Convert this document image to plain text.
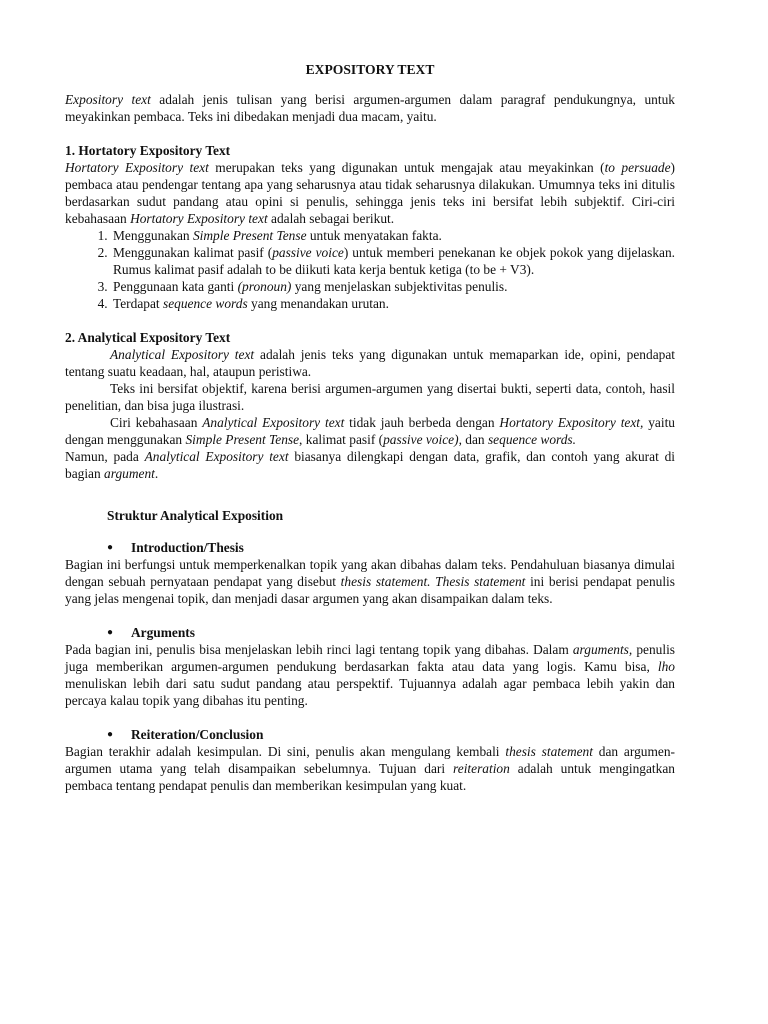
EXPOSITORY TEXT

Expository text adalah jenis tulisan yang berisi argumen-argumen dalam paragraf pendukungnya, untuk meyakinkan pembaca. Teks ini dibedakan menjadi dua macam, yaitu.

1. Hortatory Expository Text

Hortatory Expository text merupakan teks yang digunakan untuk mengajak atau meyakinkan (to persuade) pembaca atau pendengar tentang apa yang seharusnya atau tidak seharusnya dilakukan. Umumnya teks ini ditulis berdasarkan sudut pandang atau opini si penulis, sehingga jenis teks ini bersifat lebih subjektif. Ciri-ciri kebahasaan Hortatory Expository text adalah sebagai berikut.

1. Menggunakan Simple Present Tense untuk menyatakan fakta.
2. Menggunakan kalimat pasif (passive voice) untuk memberi penekanan ke objek pokok yang dijelaskan. Rumus kalimat pasif adalah to be diikuti kata kerja bentuk ketiga (to be + V3).
3. Penggunaan kata ganti (pronoun) yang menjelaskan subjektivitas penulis.
4. Terdapat sequence words yang menandakan urutan.

2. Analytical Expository Text

Analytical Expository text adalah jenis teks yang digunakan untuk memaparkan ide, opini, pendapat tentang suatu keadaan, hal, ataupun peristiwa.

Teks ini bersifat objektif, karena berisi argumen-argumen yang disertai bukti, seperti data, contoh, hasil penelitian, dan bisa juga ilustrasi.

Ciri kebahasaan Analytical Expository text tidak jauh berbeda dengan Hortatory Expository text, yaitu dengan menggunakan Simple Present Tense, kalimat pasif (passive voice), dan sequence words.

Namun, pada Analytical Expository text biasanya dilengkapi dengan data, grafik, dan contoh yang akurat di bagian argument.

Struktur Analytical Exposition

●	Introduction/Thesis

Bagian ini berfungsi untuk memperkenalkan topik yang akan dibahas dalam teks. Pendahuluan biasanya dimulai dengan sebuah pernyataan pendapat yang disebut thesis statement. Thesis statement ini berisi pendapat penulis yang jelas mengenai topik, dan menjadi dasar argumen yang akan disampaikan dalam teks.

●	Arguments

Pada bagian ini, penulis bisa menjelaskan lebih rinci lagi tentang topik yang dibahas. Dalam arguments, penulis juga memberikan argumen-argumen pendukung berdasarkan fakta atau data yang logis. Kamu bisa, lho menuliskan lebih dari satu sudut pandang atau perspektif. Tujuannya adalah agar pembaca lebih yakin dan percaya kalau topik yang dibahas itu penting.

●	Reiteration/Conclusion

Bagian terakhir adalah kesimpulan. Di sini, penulis akan mengulang kembali thesis statement dan argumen-argumen utama yang telah disampaikan sebelumnya. Tujuan dari reiteration adalah untuk mengingatkan pembaca tentang pendapat penulis dan memberikan kesimpulan yang kuat.
